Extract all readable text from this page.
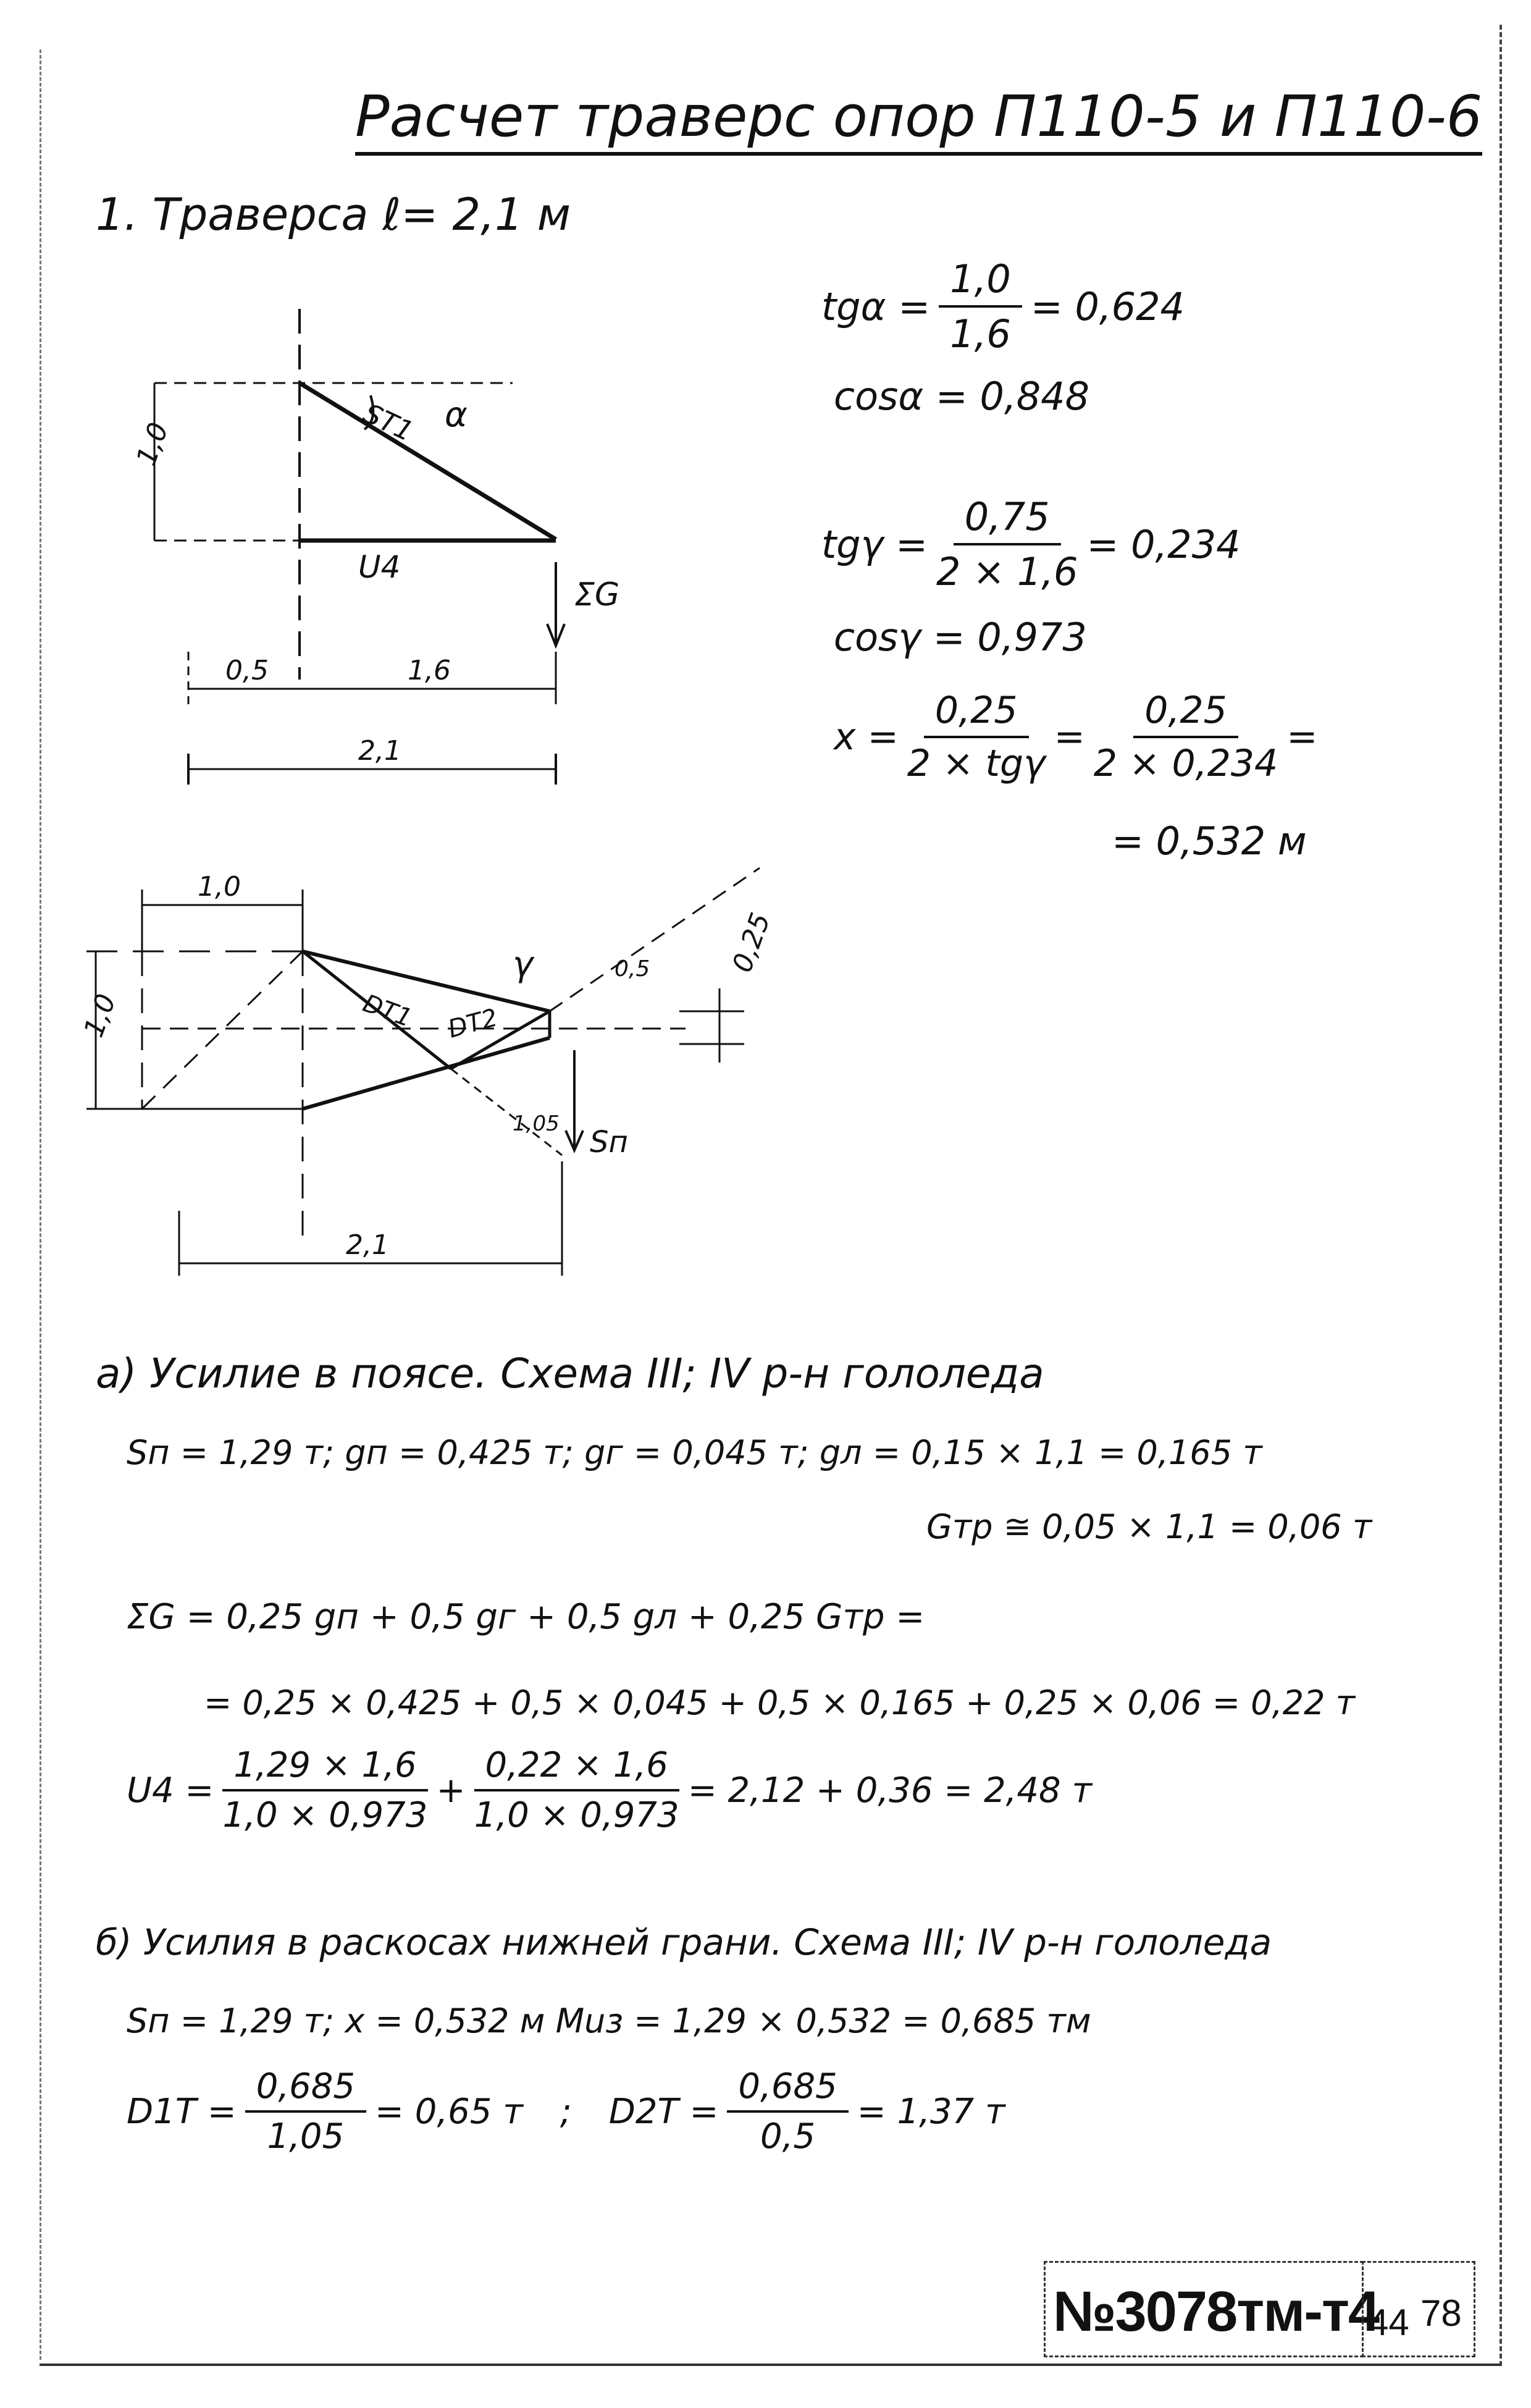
Расчет траверс опор П110-5 и П110-6
1. Траверса ℓ= 2,1 м
$tg\alpha = \frac{1,0}{1,6} = 0,624$
cosα = 0,848
$tg\gamma = \frac{0,75}{2 \times 1,6} = 0,234$
cosγ = 0,973
$x = \frac{0,25}{\text{2 × tgγ}} = \frac{0,25}{2 \times 0,234}$ =
= 0,532 м
1,0	ST1 α
U4
ΣG
0,5	1,6
2,1
1,0
1,0
γ
DT1 DT2
0,5	0,25
1,05
Sп
2,1
а) Усилие в поясе. Схема III; IV р-н гололеда
Sп = 1,29 т; gп = 0,425 т; gг = 0,045 т; gл = 0,15 × 1,1 = 0,165 т
Gтр ≅ 0,05 × 1,1 = 0,06 т
ΣG = 0,25 gп + 0,5 gг + 0,5 gл + 0,25 Gтр =
= 0,25 × 0,425 + 0,5 × 0,045 + 0,5 × 0,165 + 0,25 × 0,06 = 0,22 т
$U4 = \frac{1,29 \times 1,6}{1,0 \times 0,973} + \frac{0,22 \times 1,6}{1,0 \times 0,973} = 2,12 + 0,36 = 2,48$ т
б) Усилия в раскосах нижней грани. Схема III; IV р-н гололеда
Sп = 1,29 т; x = 0,532 м Мuз = 1,29 × 0,532 = 0,685 тм
$D1T = \frac{0,685}{1,05} = 0,65$ т ; $D2T = \frac{0,685}{0,5} = 1,37$ т
№3078тм-т4
44 78
